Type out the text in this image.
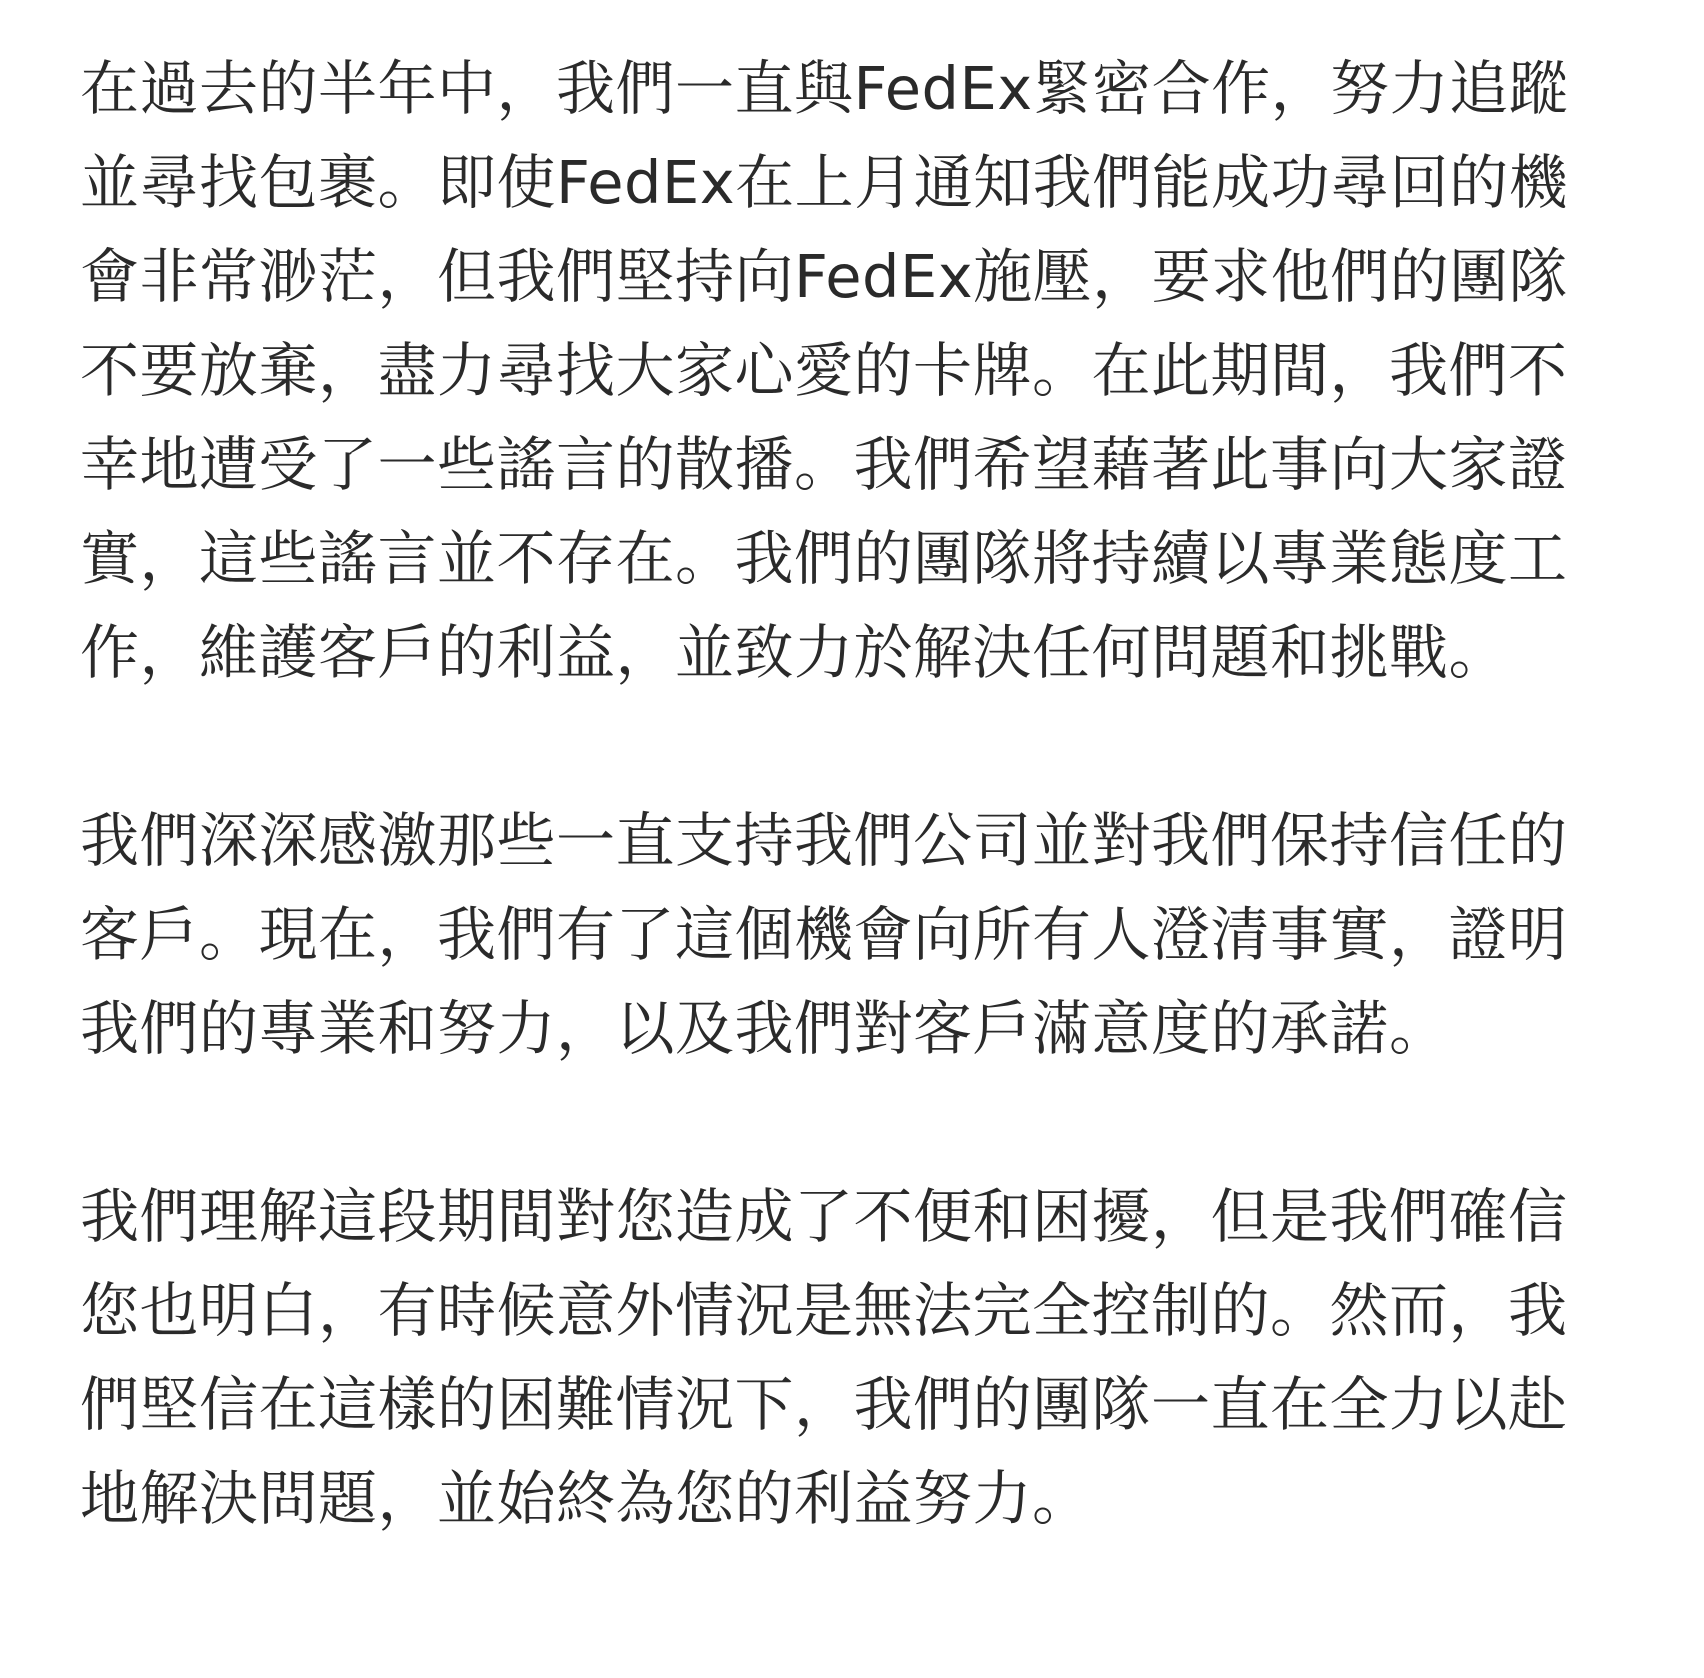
在過去的半年中，我們一直與FedEx緊密合作，努力追蹤並尋找包裹。即使FedEx在上月通知我們能成功尋回的機會非常渺茫，但我們堅持向FedEx施壓，要求他們的團隊不要放棄，盡力尋找大家心愛的卡牌。在此期間，我們不幸地遭受了一些謠言的散播。我們希望藉著此事向大家證實，這些謠言並不存在。我們的團隊將持續以專業態度工作，維護客戶的利益，並致力於解決任何問題和挑戰。

我們深深感激那些一直支持我們公司並對我們保持信任的客戶。現在，我們有了這個機會向所有人澄清事實，證明我們的專業和努力，以及我們對客戶滿意度的承諾。

我們理解這段期間對您造成了不便和困擾，但是我們確信您也明白，有時候意外情況是無法完全控制的。然而，我們堅信在這樣的困難情況下，我們的團隊一直在全力以赴地解決問題，並始終為您的利益努力。
